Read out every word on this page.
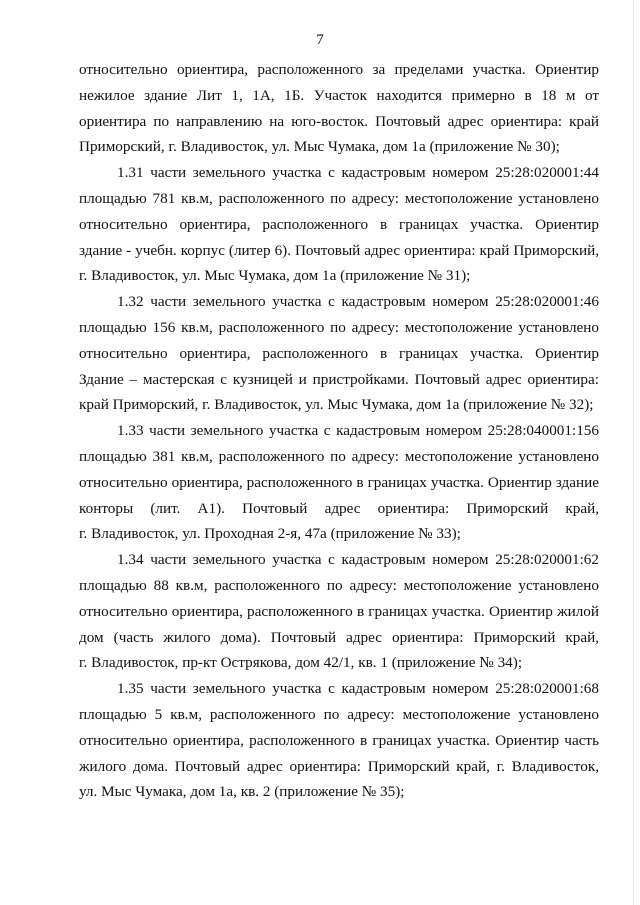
7
относительно ориентира, расположенного за пределами участка. Ориентир
нежилое здание Лит 1, 1А, 1Б. Участок находится примерно в 18 м от
ориентира по направлению на юго-восток. Почтовый адрес ориентира: край
Приморский, г. Владивосток, ул. Мыс Чумака, дом 1а (приложение № 30);
1.31 части земельного участка с кадастровым номером 25:28:020001:44
площадью 781 кв.м, расположенного по адресу: местоположение установлено
относительно ориентира, расположенного в границах участка. Ориентир
здание - учебн. корпус (литер 6). Почтовый адрес ориентира: край Приморский,
г. Владивосток, ул. Мыс Чумака, дом 1а (приложение № 31);
1.32 части земельного участка с кадастровым номером 25:28:020001:46
площадью 156 кв.м, расположенного по адресу: местоположение установлено
относительно ориентира, расположенного в границах участка. Ориентир
Здание – мастерская с кузницей и пристройками. Почтовый адрес ориентира:
край Приморский, г. Владивосток, ул. Мыс Чумака, дом 1а (приложение № 32);
1.33 части земельного участка с кадастровым номером 25:28:040001:156
площадью 381 кв.м, расположенного по адресу: местоположение установлено
относительно ориентира, расположенного в границах участка. Ориентир здание
конторы (лит. А1). Почтовый адрес ориентира: Приморский край,
г. Владивосток, ул. Проходная 2-я, 47а (приложение № 33);
1.34 части земельного участка с кадастровым номером 25:28:020001:62
площадью 88 кв.м, расположенного по адресу: местоположение установлено
относительно ориентира, расположенного в границах участка. Ориентир жилой
дом (часть жилого дома). Почтовый адрес ориентира: Приморский край,
г. Владивосток, пр-кт Острякова, дом 42/1, кв. 1 (приложение № 34);
1.35 части земельного участка с кадастровым номером 25:28:020001:68
площадью 5 кв.м, расположенного по адресу: местоположение установлено
относительно ориентира, расположенного в границах участка. Ориентир часть
жилого дома. Почтовый адрес ориентира: Приморский край, г. Владивосток,
ул. Мыс Чумака, дом 1а, кв. 2 (приложение № 35);
